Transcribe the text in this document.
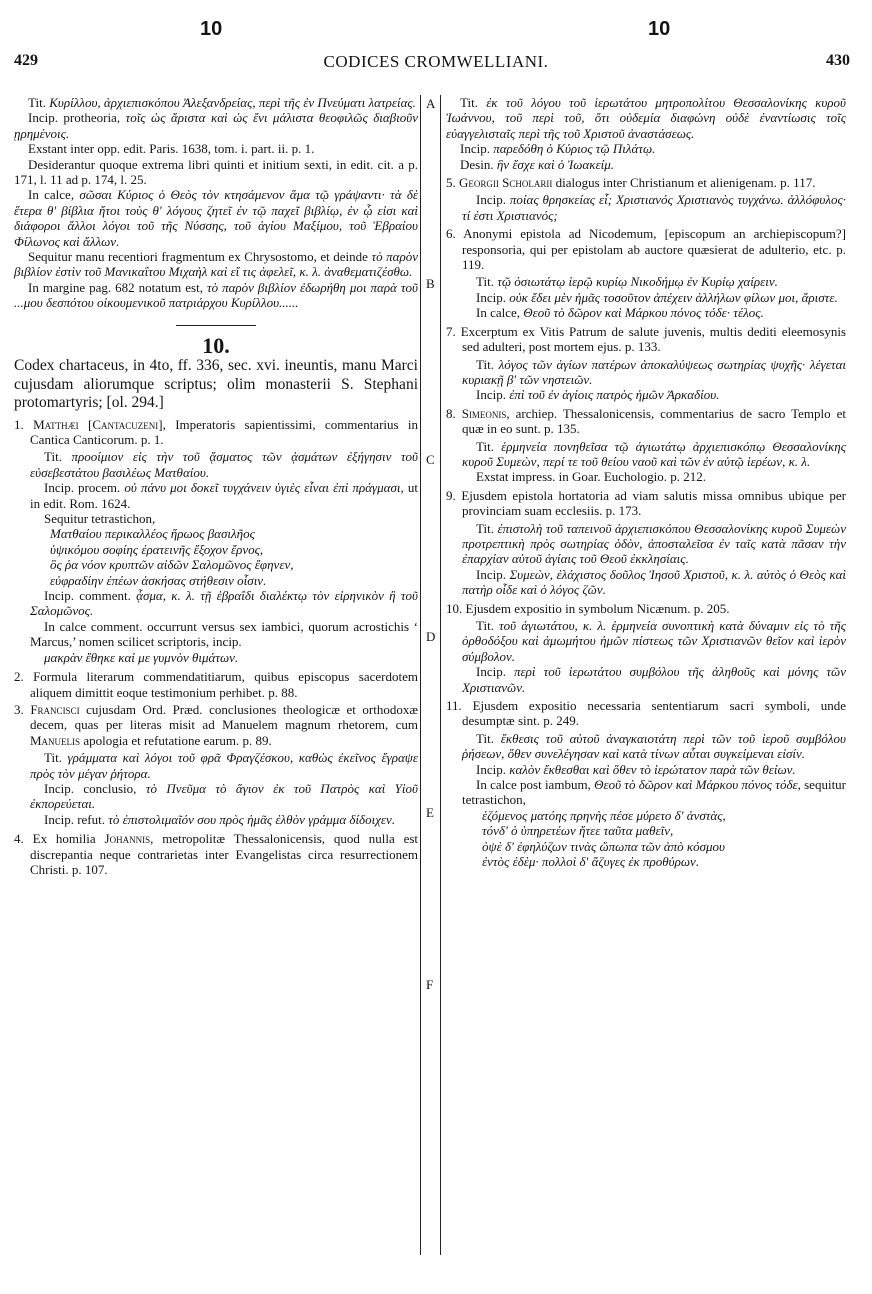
10	10
429	CODICES CROMWELLIANI.	430
A
B
C
D
E
F

Tit. Κυρίλλου, ἀρχιεπισκόπου Ἀλεξανδρείας, περὶ τῆς ἐν Πνεύματι λατρείας.

Incip. protheoria, τοῖς ὡς ἄριστα καὶ ὡς ἔνι μάλιστα θεοφιλῶς διαβιοῦν ῃρημένοις.

Exstant inter opp. edit. Paris. 1638, tom. i. part. ii. p. 1.

Desiderantur quoque extrema libri quinti et initium sexti, in edit. cit. a p. 171, l. 11 ad p. 174, l. 25.

In calce, σῶσαι Κύριος ὁ Θεὸς τὸν κτησάμενον ἅμα τῷ γράψαντι· τὰ δὲ ἕτερα θ' βίβλια ἤτοι τοὺς θ' λόγους ζητεῖ ἐν τῷ παχεῖ βιβλίῳ, ἐν ᾧ εἰσι καὶ διάφοροι ἄλλοι λόγοι τοῦ τῆς Νύσσης, τοῦ ἁγίου Μαξίμου, τοῦ Ἑβραίου Φίλωνος καὶ ἄλλων.

Sequitur manu recentiori fragmentum ex Chrysostomo, et deinde τὸ παρὸν βιβλίον ἐστὶν τοῦ Μανικαΐτου Μιχαὴλ καὶ εἴ τις ἀφελεῖ, κ. λ. ἀναθεματιζέσθω.

In margine pag. 682 notatum est, τὸ παρὸν βιβλίον ἐδωρήθη μοι παρὰ τοῦ ...μου δεσπότου οἰκουμενικοῦ πατριάρχου Κυρίλλου......

10.

Codex chartaceus, in 4to, ff. 336, sec. xvi. ineuntis, manu Marci cujusdam aliorumque scriptus; olim monasterii S. Stephani protomartyris; [ol. 294.]

1. Matthæi [Cantacuzeni], Imperatoris sapientissimi, commentarius in Cantica Canticorum. p. 1.

Tit. προοίμιον εἰς τὴν τοῦ ᾄσματος τῶν ᾀσμάτων ἐξήγησιν τοῦ εὐσεβεστάτου βασιλέως Ματθαίου.

Incip. procem. οὐ πάνυ μοι δοκεῖ τυγχάνειν ὑγιὲς εἶναι ἐπὶ πράγμασι, ut in edit. Rom. 1624.

Sequitur tetrastichon,

Ματθαίου περικαλλέος ἥρωος βασιλῆος

ὑψικόμου σοφίης ἐρατεινῆς ἔξοχον ἔρνος,

ὃς ῥα νόον κρυπτῶν αἰδῶν Σαλομῶνος ἔφηνεν,

εὐφραδίην ἐπέων ἀσκήσας στήθεσιν οἷσιν.

Incip. comment. ᾆσμα, κ. λ. τῇ ἑβραΐδι διαλέκτῳ τὸν εἰρηνικὸν ἢ τοῦ Σαλομῶνος.

In calce comment. occurrunt versus sex iambici, quorum acrostichis ‘ Marcus,’ nomen scilicet scriptoris, incip.

μακρὰν ἔθηκε καί με γυμνὸν θιμάτων.

2. Formula literarum commendatitiarum, quibus episcopus sacerdotem aliquem dimittit eoque testimonium perhibet. p. 88.

3. Francisci cujusdam Ord. Præd. conclusiones theologicæ et orthodoxæ decem, quas per literas misit ad Manuelem magnum rhetorem, cum Manuelis apologia et refutatione earum. p. 89.

Tit. γράμματα καὶ λόγοι τοῦ φρᾶ Φραγζέσκου, καθὼς ἐκεῖνος ἔγραψε πρὸς τὸν μέγαν ῥήτορα.

Incip. conclusio, τὸ Πνεῦμα τὸ ἅγιον ἐκ τοῦ Πατρὸς καὶ Υἱοῦ ἐκπορεύεται.

Incip. refut. τὸ ἐπιστολιμαῖόν σου πρὸς ἡμᾶς ἐλθὸν γράμμα δίδοιχεν.

4. Ex homilia Johannis, metropolitæ Thessalonicensis, quod nulla est discrepantia neque contrarietas inter Evangelistas circa resurrectionem Christi. p. 107.

Tit. ἐκ τοῦ λόγου τοῦ ἱερωτάτου μητροπολίτου Θεσσαλονίκης κυροῦ Ἰωάννου, τοῦ περὶ τοῦ, ὅτι οὐδεμία διαφώνη οὐδὲ ἐναντίωσις τοῖς εὐαγγελισταῖς περὶ τῆς τοῦ Χριστοῦ ἀναστάσεως.

Incip. παρεδόθη ὁ Κύριος τῷ Πιλάτῳ.

Desin. ἣν ἔσχε καὶ ὁ Ἰωακείμ.

5. Georgii Scholarii dialogus inter Christianum et alienigenam. p. 117.

Incip. ποίας θρησκείας εἶ; Χριστιανός Χριστιανὸς τυγχάνω. ἀλλόφυλος· τί ἐστι Χριστιανός;

6. Anonymi epistola ad Nicodemum, [episcopum an archiepiscopum?] responsoria, qui per epistolam ab auctore quæsierat de adulterio, etc. p. 119.

Tit. τῷ ὁσιωτάτῳ ἱερῷ κυρίῳ Νικοδήμῳ ἐν Κυρίῳ χαίρειν.

Incip. οὐκ ἔδει μὲν ἡμᾶς τοσοῦτον ἀπέχειν ἀλλήλων φίλων μοι, ἄριστε.

In calce, Θεοῦ τὸ δῶρον καὶ Μάρκου πόνος τόδε· τέλος.

7. Excerptum ex Vitis Patrum de salute juvenis, multis dediti eleemosynis sed adulteri, post mortem ejus. p. 133.

Tit. λόγος τῶν ἁγίων πατέρων ἀποκαλύψεως σωτηρίας ψυχῆς· λέγεται κυριακῇ β' τῶν νηστειῶν.

Incip. ἐπὶ τοῦ ἐν ἁγίοις πατρὸς ἡμῶν Ἀρκαδίου.

8. Simeonis, archiep. Thessalonicensis, commentarius de sacro Templo et quæ in eo sunt. p. 135.

Tit. ἑρμηνεία πονηθεῖσα τῷ ἁγιωτάτῳ ἀρχιεπισκόπῳ Θεσσαλονίκης κυροῦ Συμεὼν, περί τε τοῦ θείου ναοῦ καὶ τῶν ἐν αὐτῷ ἱερέων, κ. λ.

Exstat impress. in Goar. Euchologio. p. 212.

9. Ejusdem epistola hortatoria ad viam salutis missa omnibus ubique per provinciam suam ecclesiis. p. 173.

Tit. ἐπιστολὴ τοῦ ταπεινοῦ ἀρχιεπισκόπου Θεσσαλονίκης κυροῦ Συμεὼν προτρεπτικὴ πρὸς σωτηρίας ὁδὸν, ἀποσταλεῖσα ἐν ταῖς κατὰ πᾶσαν τὴν ἐπαρχίαν αὐτοῦ ἁγίαις τοῦ Θεοῦ ἐκκλησίαις.

Incip. Συμεὼν, ἐλάχιστος δοῦλος Ἰησοῦ Χριστοῦ, κ. λ. αὐτὸς ὁ Θεὸς καὶ πατὴρ οἶδε καὶ ὁ λόγος ζῶν.

10. Ejusdem expositio in symbolum Nicænum. p. 205.

Tit. τοῦ ἁγιωτάτου, κ. λ. ἑρμηνεία συνοπτικὴ κατὰ δύναμιν εἰς τὸ τῆς ὀρθοδόξου καὶ ἀμωμήτου ἡμῶν πίστεως τῶν Χριστιανῶν θεῖον καὶ ἱερὸν σύμβολον.

Incip. περὶ τοῦ ἱερωτάτου συμβόλου τῆς ἀληθοῦς καὶ μόνης τῶν Χριστιανῶν.

11. Ejusdem expositio necessaria sententiarum sacri symboli, unde desumptæ sint. p. 249.

Tit. ἔκθεσις τοῦ αὐτοῦ ἀναγκαιοτάτη περὶ τῶν τοῦ ἱεροῦ συμβόλου ῥήσεων, ὅθεν συνελέγησαν καὶ κατὰ τίνων αὗται συγκείμεναι εἰσίν.

Incip. καλὸν ἔκθεσθαι καὶ ὅθεν τὸ ἱερώτατον παρὰ τῶν θείων.

In calce post iambum, Θεοῦ τὸ δῶρον καὶ Μάρκου πόνος τόδε, sequitur tetrastichon,

ἑζόμενος ματόης πρηνὴς πέσε μύρετο δ' ἀνστὰς,

τόνδ' ὁ ὑπηρετέων ἤτεε ταῦτα μαθεῖν,

ὀψὲ δ' ἐφηλύζων τινὰς ὤπωπα τῶν ἀπὸ κόσμου

ἐντὸς ἐδὲμ· πολλοὶ δ' ἄζυγες ἐκ προθύρων.
